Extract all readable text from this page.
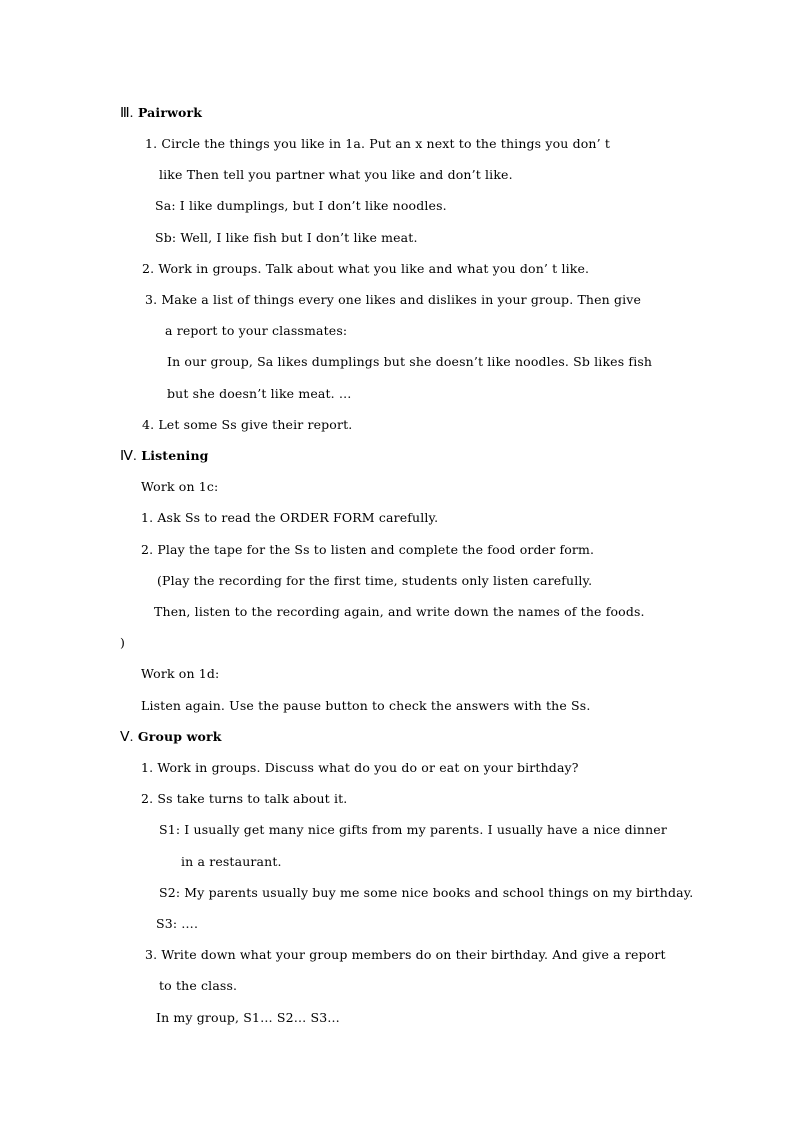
Ⅲ. Pairwork
1. Circle the things you like in 1a. Put an x next to the things you don’ t
like Then tell you partner what you like and don’t like.
Sa: I like dumplings, but I don’t like noodles.
Sb: Well, I like fish but I don’t like meat.
2. Work in groups. Talk about what you like and what you don’ t like.
3. Make a list of things every one likes and dislikes in your group. Then give
a report to your classmates:
In our group, Sa likes dumplings but she doesn’t like noodles. Sb likes fish
but she doesn’t like meat. …
4. Let some Ss give their report.
Ⅳ. Listening
Work on 1c:
1. Ask Ss to read the ORDER FORM carefully.
2. Play the tape for the Ss to listen and complete the food order form.
(Play the recording for the first time, students only listen carefully.
Then, listen to the recording again, and write down the names of the foods.
)
Work on 1d:
Listen again. Use the pause button to check the answers with the Ss.
Ⅴ. Group work
1. Work in groups. Discuss what do you do or eat on your birthday?
2. Ss take turns to talk about it.
S1: I usually get many nice gifts from my parents. I usually have a nice dinner
in a restaurant.
S2: My parents usually buy me some nice books and school things on my birthday.
S3: ….
3. Write down what your group members do on their birthday. And give a report
to the class.
In my group, S1… S2… S3…
